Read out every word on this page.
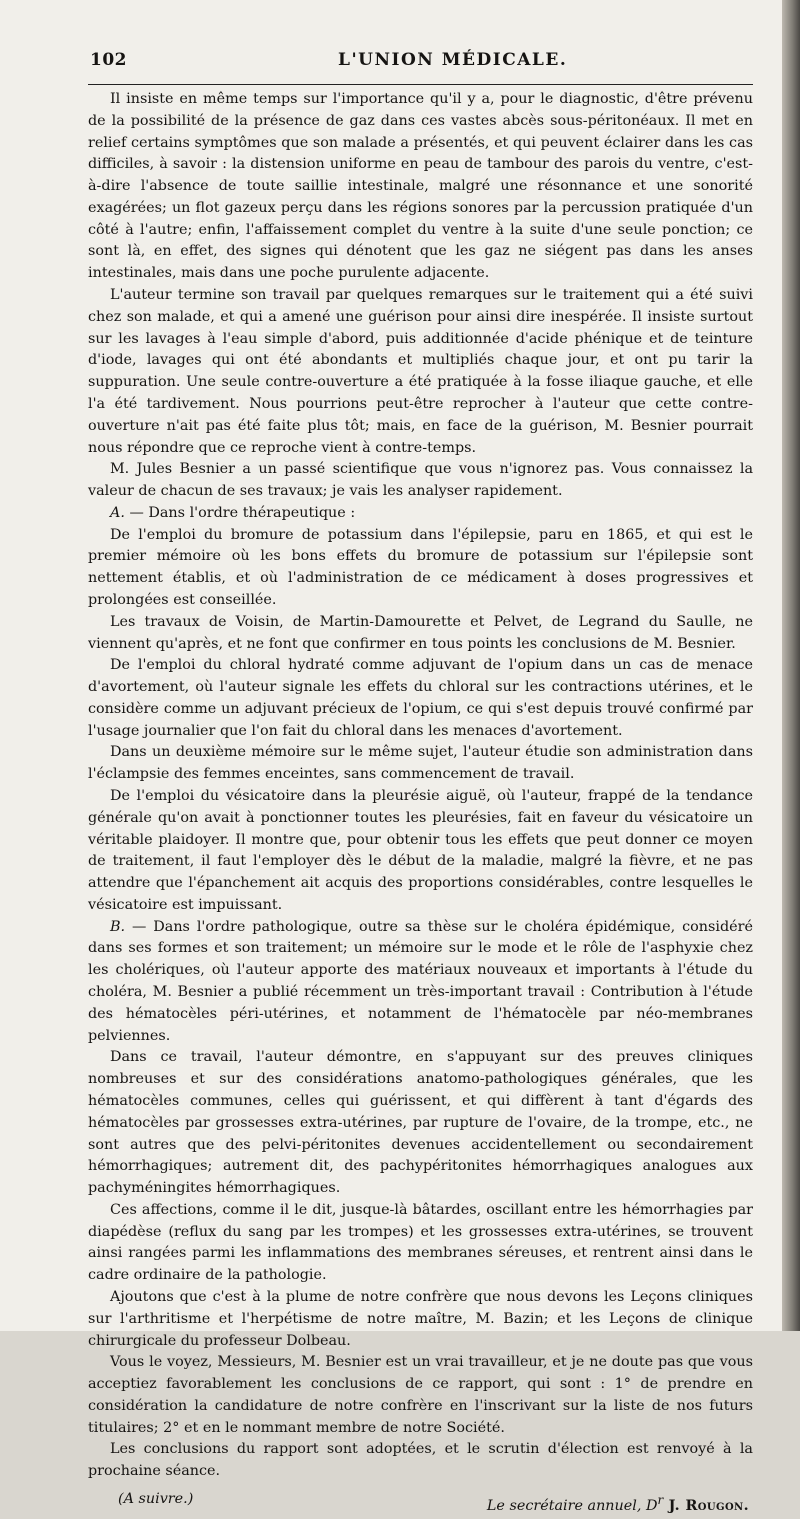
102	L'UNION MÉDICALE.

Il insiste en même temps sur l'importance qu'il y a, pour le diagnostic, d'être prévenu de la possibilité de la présence de gaz dans ces vastes abcès sous-péritonéaux. Il met en relief certains symptômes que son malade a présentés, et qui peuvent éclairer dans les cas difficiles, à savoir : la distension uniforme en peau de tambour des parois du ventre, c'est-à-dire l'absence de toute saillie intestinale, malgré une résonnance et une sonorité exagérées; un flot gazeux perçu dans les régions sonores par la percussion pratiquée d'un côté à l'autre; enfin, l'affaissement complet du ventre à la suite d'une seule ponction; ce sont là, en effet, des signes qui dénotent que les gaz ne siégent pas dans les anses intestinales, mais dans une poche purulente adjacente.

L'auteur termine son travail par quelques remarques sur le traitement qui a été suivi chez son malade, et qui a amené une guérison pour ainsi dire inespérée. Il insiste surtout sur les lavages à l'eau simple d'abord, puis additionnée d'acide phénique et de teinture d'iode, lavages qui ont été abondants et multipliés chaque jour, et ont pu tarir la suppuration. Une seule contre-ouverture a été pratiquée à la fosse iliaque gauche, et elle l'a été tardivement. Nous pourrions peut-être reprocher à l'auteur que cette contre-ouverture n'ait pas été faite plus tôt; mais, en face de la guérison, M. Besnier pourrait nous répondre que ce reproche vient à contre-temps.

M. Jules Besnier a un passé scientifique que vous n'ignorez pas. Vous connaissez la valeur de chacun de ses travaux; je vais les analyser rapidement.

A. — Dans l'ordre thérapeutique :

De l'emploi du bromure de potassium dans l'épilepsie, paru en 1865, et qui est le premier mémoire où les bons effets du bromure de potassium sur l'épilepsie sont nettement établis, et où l'administration de ce médicament à doses progressives et prolongées est conseillée.

Les travaux de Voisin, de Martin-Damourette et Pelvet, de Legrand du Saulle, ne viennent qu'après, et ne font que confirmer en tous points les conclusions de M. Besnier.

De l'emploi du chloral hydraté comme adjuvant de l'opium dans un cas de menace d'avortement, où l'auteur signale les effets du chloral sur les contractions utérines, et le considère comme un adjuvant précieux de l'opium, ce qui s'est depuis trouvé confirmé par l'usage journalier que l'on fait du chloral dans les menaces d'avortement.

Dans un deuxième mémoire sur le même sujet, l'auteur étudie son administration dans l'éclampsie des femmes enceintes, sans commencement de travail.

De l'emploi du vésicatoire dans la pleurésie aiguë, où l'auteur, frappé de la tendance générale qu'on avait à ponctionner toutes les pleurésies, fait en faveur du vésicatoire un véritable plaidoyer. Il montre que, pour obtenir tous les effets que peut donner ce moyen de traitement, il faut l'employer dès le début de la maladie, malgré la fièvre, et ne pas attendre que l'épanchement ait acquis des proportions considérables, contre lesquelles le vésicatoire est impuissant.

B. — Dans l'ordre pathologique, outre sa thèse sur le choléra épidémique, considéré dans ses formes et son traitement; un mémoire sur le mode et le rôle de l'asphyxie chez les cholériques, où l'auteur apporte des matériaux nouveaux et importants à l'étude du choléra, M. Besnier a publié récemment un très-important travail : Contribution à l'étude des hématocèles péri-utérines, et notamment de l'hématocèle par néo-membranes pelviennes.

Dans ce travail, l'auteur démontre, en s'appuyant sur des preuves cliniques nombreuses et sur des considérations anatomo-pathologiques générales, que les hématocèles communes, celles qui guérissent, et qui diffèrent à tant d'égards des hématocèles par grossesses extra-utérines, par rupture de l'ovaire, de la trompe, etc., ne sont autres que des pelvi-péritonites devenues accidentellement ou secondairement hémorrhagiques; autrement dit, des pachypéritonites hémorrhagiques analogues aux pachyméningites hémorrhagiques.

Ces affections, comme il le dit, jusque-là bâtardes, oscillant entre les hémorrhagies par diapédèse (reflux du sang par les trompes) et les grossesses extra-utérines, se trouvent ainsi rangées parmi les inflammations des membranes séreuses, et rentrent ainsi dans le cadre ordinaire de la pathologie.

Ajoutons que c'est à la plume de notre confrère que nous devons les Leçons cliniques sur l'arthritisme et l'herpétisme de notre maître, M. Bazin; et les Leçons de clinique chirurgicale du professeur Dolbeau.

Vous le voyez, Messieurs, M. Besnier est un vrai travailleur, et je ne doute pas que vous acceptiez favorablement les conclusions de ce rapport, qui sont : 1° de prendre en considération la candidature de notre confrère en l'inscrivant sur la liste de nos futurs titulaires; 2° et en le nommant membre de notre Société.

Les conclusions du rapport sont adoptées, et le scrutin d'élection est renvoyé à la prochaine séance.

(A suivre.)	Le secrétaire annuel, $D^r$ J. Rougon.
